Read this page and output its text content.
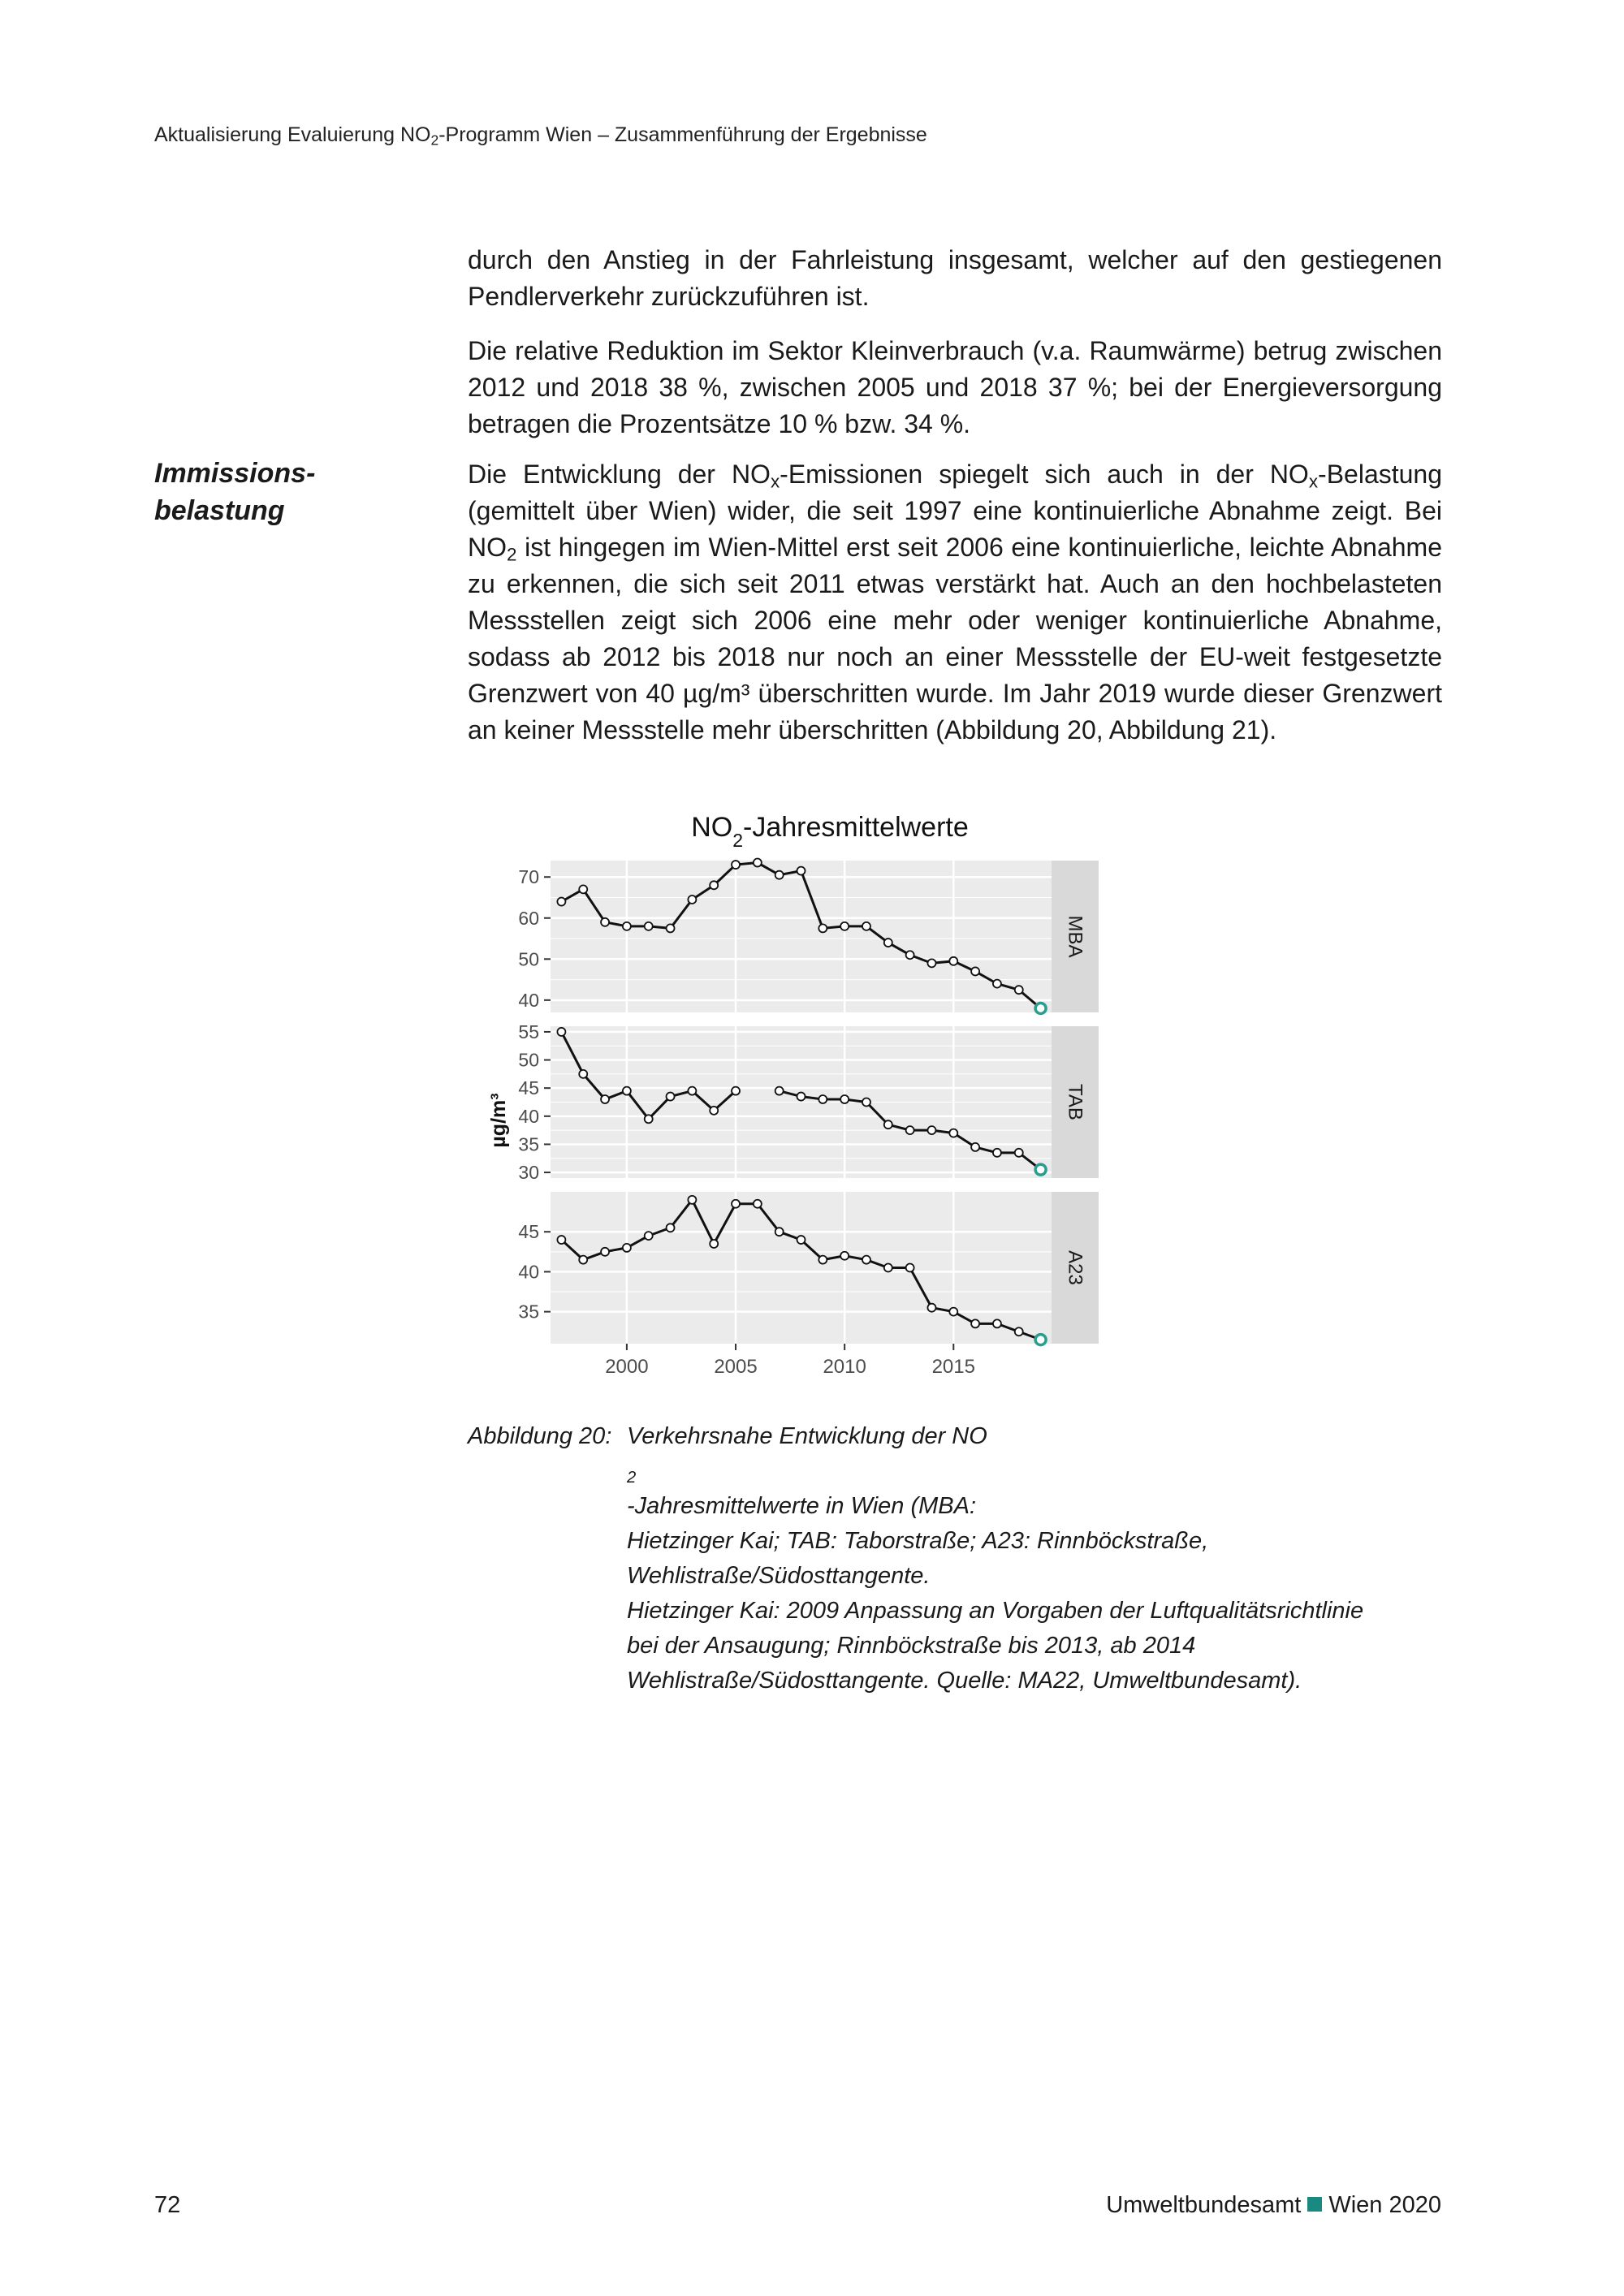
Aktualisierung Evaluierung $NO_2$-Programm Wien – Zusammenführung der Ergebnisse
Immissions-
belastung

durch den Anstieg in der Fahrleistung insgesamt, welcher auf den gestiegenen Pendlerverkehr zurückzuführen ist.

Die relative Reduktion im Sektor Kleinverbrauch (v.a. Raumwärme) betrug zwischen 2012 und 2018 38 %, zwischen 2005 und 2018 37 %; bei der Energieversorgung betragen die Prozentsätze 10 % bzw. 34 %.

Die Entwicklung der $NO_x$-Emissionen spiegelt sich auch in der $NO_x$-Belastung (gemittelt über Wien) wider, die seit 1997 eine kontinuierliche Abnahme zeigt. Bei $NO_2$ ist hingegen im Wien-Mittel erst seit 2006 eine kontinuierliche, leichte Abnahme zu erkennen, die sich seit 2011 etwas verstärkt hat. Auch an den hochbelasteten Messstellen zeigt sich 2006 eine mehr oder weniger kontinuierliche Abnahme, sodass ab 2012 bis 2018 nur noch an einer Messstelle der EU-weit festgesetzte Grenzwert von 40 µg/m³ überschritten wurde. Im Jahr 2019 wurde dieser Grenzwert an keiner Messstelle mehr überschritten (Abbildung 20, Abbildung 21).

$NO_2$-Jahresmittelwerte
µg/m³
40
50
60
70
MBA
30
35
40
45
50
55
TAB
35
40
45
A23
2000	2005	2010	2015
Abbildung 20: Verkehrsnahe Entwicklung der NO
$_2$
-Jahresmittelwerte in Wien (MBA:
Hietzinger Kai; TAB: Taborstraße; A23: Rinnböckstraße,
Wehlistraße/Südosttangente.
Hietzinger Kai: 2009 Anpassung an Vorgaben der Luftqualitätsrichtlinie
bei der Ansaugung; Rinnböckstraße bis 2013, ab 2014
Wehlistraße/Südosttangente. Quelle: MA22, Umweltbundesamt).
72	Umweltbundesamt Wien 2020
